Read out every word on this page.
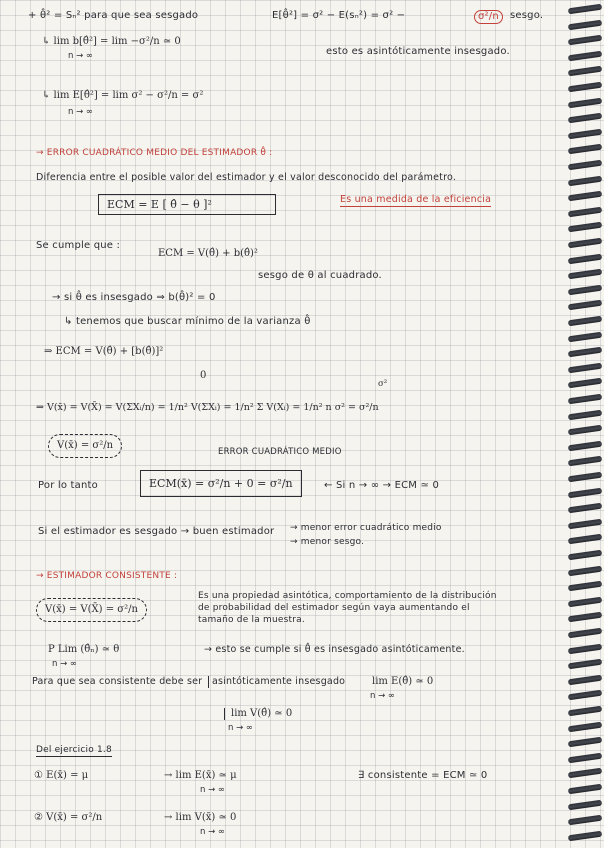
+ θ̂² = Sₙ² para que sea sesgado	E[θ̂²] = σ² − E(sₙ²) = σ² −	σ²/n	sesgo.
↳ lim b[θ̂²] = lim −σ²/n ≃ 0
n → ∞	esto es asintóticamente insesgado.
↳ lim E[θ̂²] = lim σ² − σ²/n = σ²
n → ∞
→ ERROR CUADRÁTICO MEDIO DEL ESTIMADOR θ̂ :
Diferencia entre el posible valor del estimador y el valor desconocido del parámetro.
ECM = E [ θ̂ − θ ]²	Es una medida de la eficiencia
Se cumple que :
ECM = V(θ̂) + b(θ̂)²
sesgo de θ al cuadrado.
→ si θ̂ es insesgado ⇒ b(θ̂)² = 0
↳ tenemos que buscar mínimo de la varianza θ̂
⇒ ECM = V(θ̂) + [b(θ̂)]²
0
σ²
⇒ V(x̄) = V(X̄) = V(ΣXᵢ/n) = 1/n² V(ΣXᵢ) = 1/n² Σ V(Xᵢ) = 1/n² n σ² = σ²/n
V(x̄) = σ²/n
ERROR CUADRÁTICO MEDIO
Por lo tanto	ECM(x̄) = σ²/n + 0 = σ²/n	← Si n → ∞ → ECM ≃ 0
Si el estimador es sesgado → buen estimador → menor error cuadrático medio
→ menor sesgo.
→ ESTIMADOR CONSISTENTE :
V(x̄) = V(X̄) = σ²/n
Es una propiedad asintótica, comportamiento de la distribución
de probabilidad del estimador según vaya aumentando el
tamaño de la muestra.
P Lim (θ̂ₙ) ≃ θ
n → ∞
→ esto se cumple si θ̂ es insesgado asintóticamente.
Para que sea consistente debe ser	asintóticamente insesgado	lim E(θ̂) ≃ 0
n → ∞
lim V(θ̂) ≃ 0
n → ∞
Del ejercicio 1.8
① E(x̄) = μ	→ lim E(x̄) ≃ μ
n → ∞
∃ consistente = ECM ≃ 0
② V(x̄) = σ²/n	→ lim V(x̄) ≃ 0
n → ∞
